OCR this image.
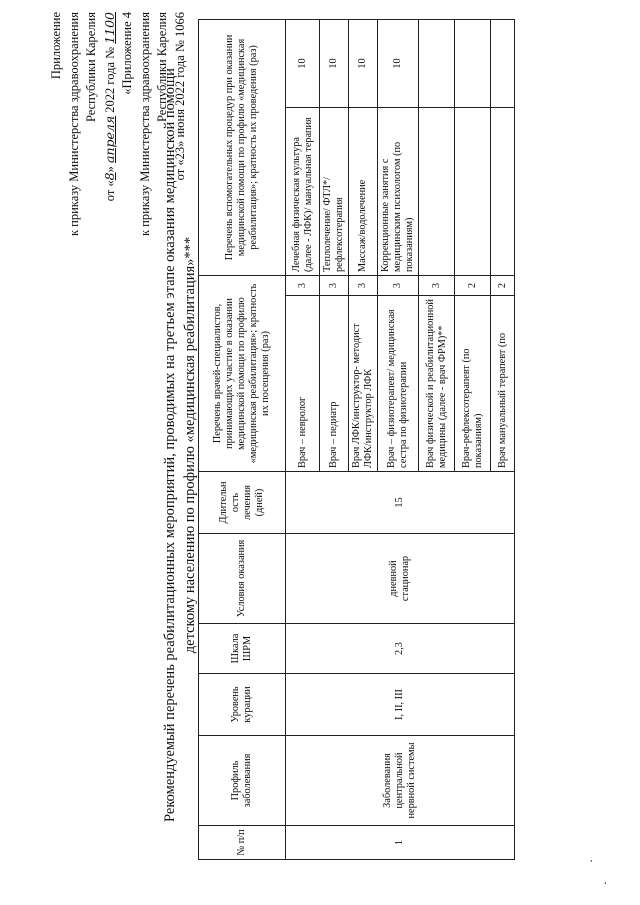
Приложение к приказу Министерства здравоохранения Республики Карелия
от «8» апреля 2022 года № 1100 «Приложение 4 к приказу Министерства здравоохранения Республики Карелия от «23» июня 2022 года № 1066
Рекомендуемый перечень реабилитационных мероприятий, проводимых на третьем этапе оказания медицинской помощи детскому населению по профилю «медицинская реабилитация»***
№ п/п	Профиль заболевания	Уровень курации	Шкала ШРМ	Условия оказания	Длительн ость лечения (дней)	Перечень врачей-специалистов, принимающих участие в оказании медицинской помощи по профилю «медицинская реабилитация»; кратность их посещения (раз)		Перечень вспомогательных процедур при оказании медицинской помощи по профилю «медицинская реабилитация»; кратность их проведения (раз)	
1	Заболевания центральной нервной системы	I, II, III	2,3	дневной стационар	15	Врач – невролог	3	Лечебная физическая культура (далее - ЛФК)/ мануальная терапия	10
						Врач – педиатр	3	Теплолечение/ ФТЛ*/ рефлексотерапия	10
						Врач ЛФК/инструктор- методист ЛФК/инструктор ЛФК	3	Массаж/водолечение	10
						Врач – физиотерапевт/ медицинская сестра по физиотерапии	3	Коррекционные занятия с медицинским психологом (по показаниям)	10
						Врач физической и реабилитационной медицины (далее - врач ФРМ)**	3		
						Врач-рефлексотерапевт (по показаниям)	2		
						Врач мануальный терапевт (по	2		
·
·
